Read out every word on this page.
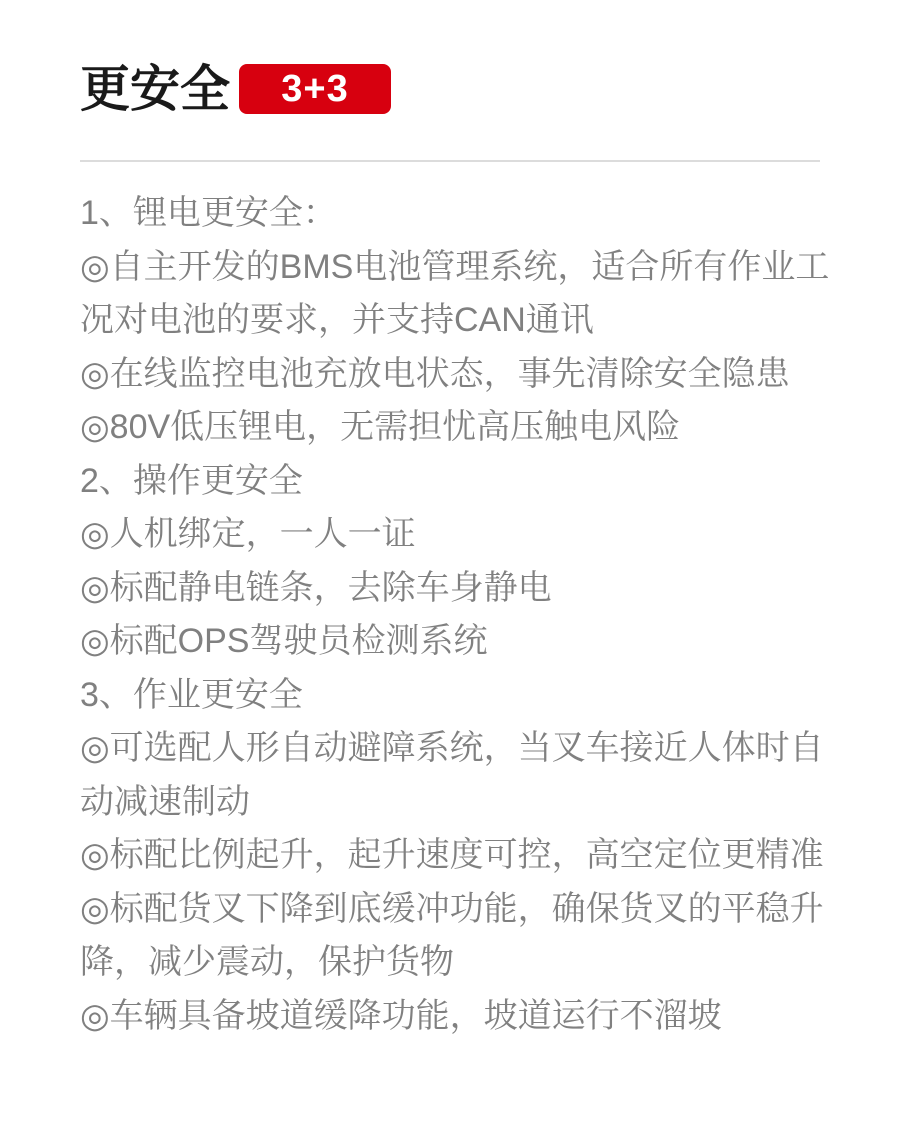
更安全	3+3
1、锂电更安全：
◎自主开发的BMS电池管理系统，适合所有作业工
况对电池的要求，并支持CAN通讯
◎在线监控电池充放电状态，事先清除安全隐患
◎80V低压锂电，无需担忧高压触电风险
2、操作更安全
◎人机绑定，一人一证
◎标配静电链条，去除车身静电
◎标配OPS驾驶员检测系统
3、作业更安全
◎可选配人形自动避障系统，当叉车接近人体时自
动减速制动
◎标配比例起升，起升速度可控，高空定位更精准
◎标配货叉下降到底缓冲功能，确保货叉的平稳升
降，减少震动，保护货物
◎车辆具备坡道缓降功能，坡道运行不溜坡
